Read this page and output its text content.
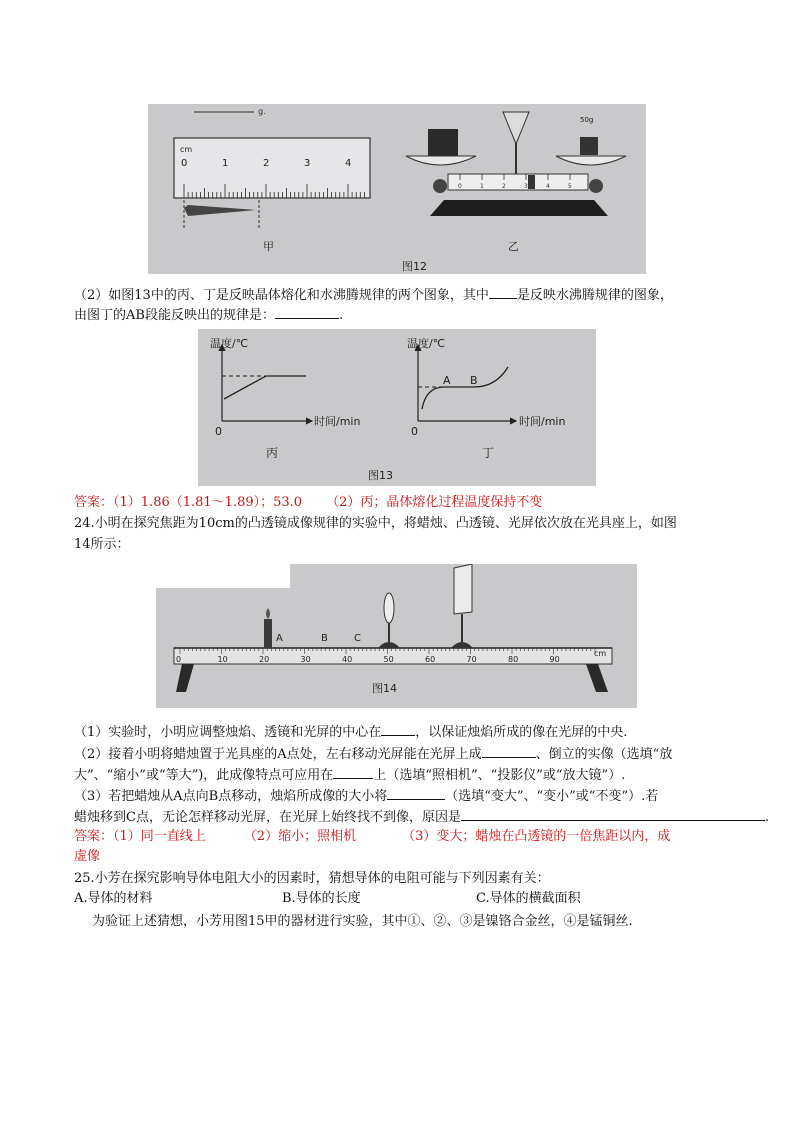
g.
cm
0	1	2	3	4
甲
50g
0	1	2	3	4	5
乙
图12
（2）如图13中的丙、丁是反映晶体熔化和水沸腾规律的两个图象，其中 是反映水沸腾规律的图象，
由图丁的AB段能反映出的规律是：	.
温度/℃
时间/min
0
丙
温度/℃
时间/min
0
A B
丁
图13
答案：（1）1.86（1.81～1.89）；53.0 （2）丙；晶体熔化过程温度保持不变
24.小明在探究焦距为10cm的凸透镜成像规律的实验中，将蜡烛、凸透镜、光屏依次放在光具座上，如图
14所示：
0	10	20	30	40	50	60	70	80	90
cm
A	B	C
图14
（1）实验时，小明应调整烛焰、透镜和光屏的中心在	，以保证烛焰所成的像在光屏的中央.
（2）接着小明将蜡烛置于光具座的A点处，左右移动光屏能在光屏上成	、倒立的实像（选填“放
大”、“缩小”或“等大”)，此成像特点可应用在	上（选填“照相机”、“投影仪”或“放大镜”）.
（3）若把蜡烛从A点向B点移动，烛焰所成像的大小将	（选填“变大”、“变小”或“不变”）.若
蜡烛移到C点，无论怎样移动光屏，在光屏上始终找不到像，原因是	.
答案：（1）同一直线上	（2）缩小；照相机	（3）变大；蜡烛在凸透镜的一倍焦距以内，成
虚像
25.小芳在探究影响导体电阻大小的因素时，猜想导体的电阻可能与下列因素有关：
A.导体的材料	B.导体的长度	C.导体的横截面积
为验证上述猜想，小芳用图15甲的器材进行实验，其中①、②、③是镍铬合金丝，④是锰铜丝.
